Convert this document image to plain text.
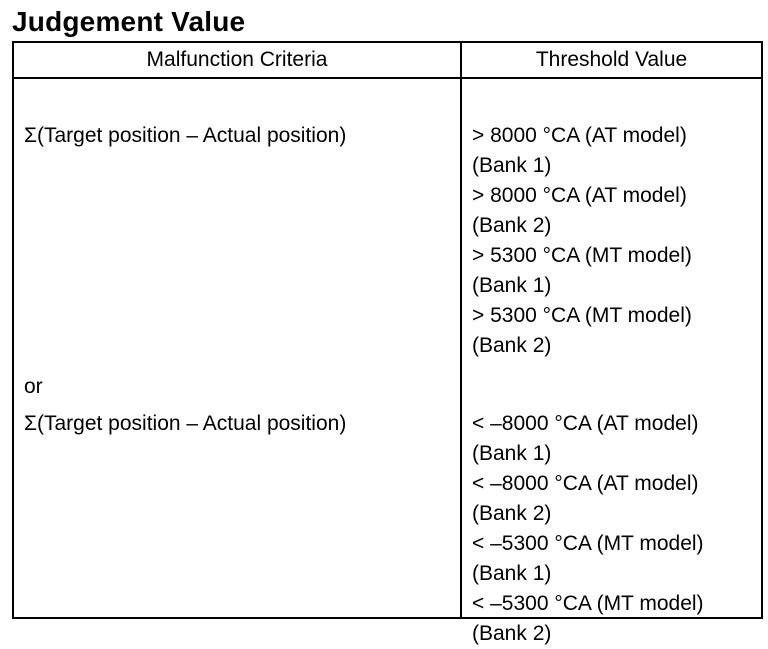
Judgement Value
Malfunction Criteria	Threshold Value
Σ(Target position – Actual position)
or
Σ(Target position – Actual position)
> 8000 °CA (AT model)
(Bank 1)
> 8000 °CA (AT model)
(Bank 2)
> 5300 °CA (MT model)
(Bank 1)
> 5300 °CA (MT model)
(Bank 2)
< –8000 °CA (AT model)
(Bank 1)
< –8000 °CA (AT model)
(Bank 2)
< –5300 °CA (MT model)
(Bank 1)
< –5300 °CA (MT model)
(Bank 2)
